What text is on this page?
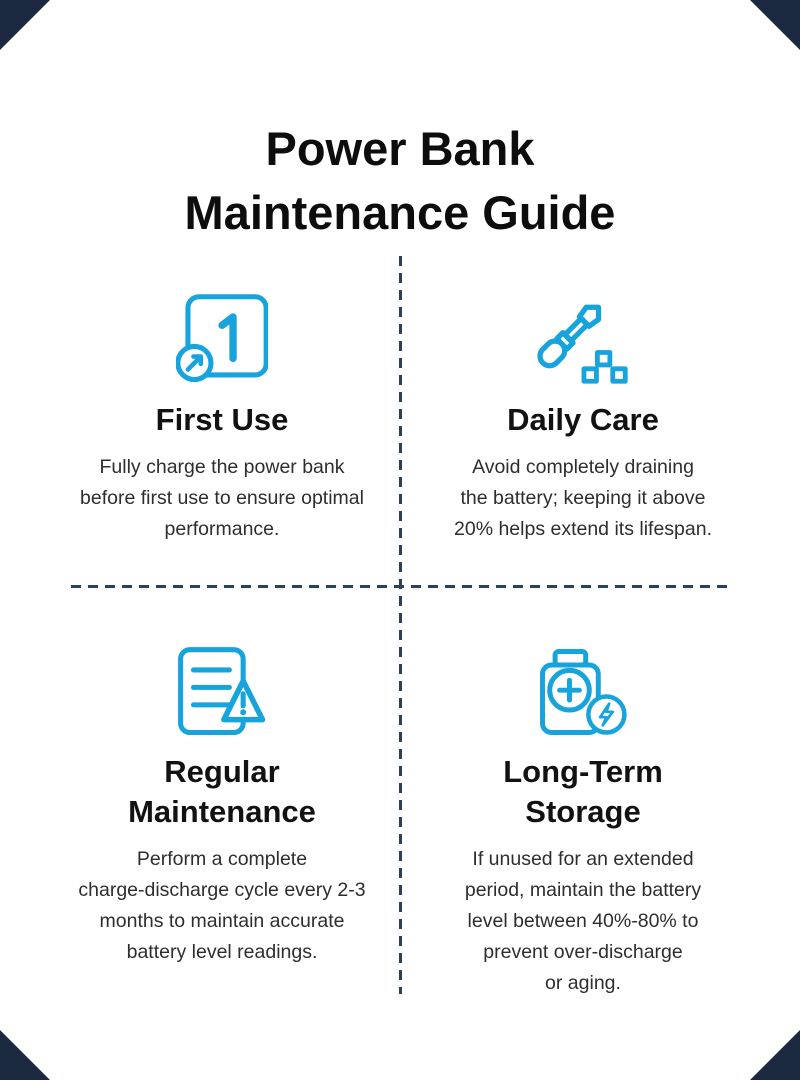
Power Bank
Maintenance Guide
First Use
Fully charge the power bank
before first use to ensure optimal
performance.
Daily Care
Avoid completely draining
the battery; keeping it above
20% helps extend its lifespan.
Regular
Maintenance
Perform a complete
charge-discharge cycle every 2-3
months to maintain accurate
battery level readings.
Long-Term
Storage
If unused for an extended
period, maintain the battery
level between 40%-80% to
prevent over-discharge
or aging.
